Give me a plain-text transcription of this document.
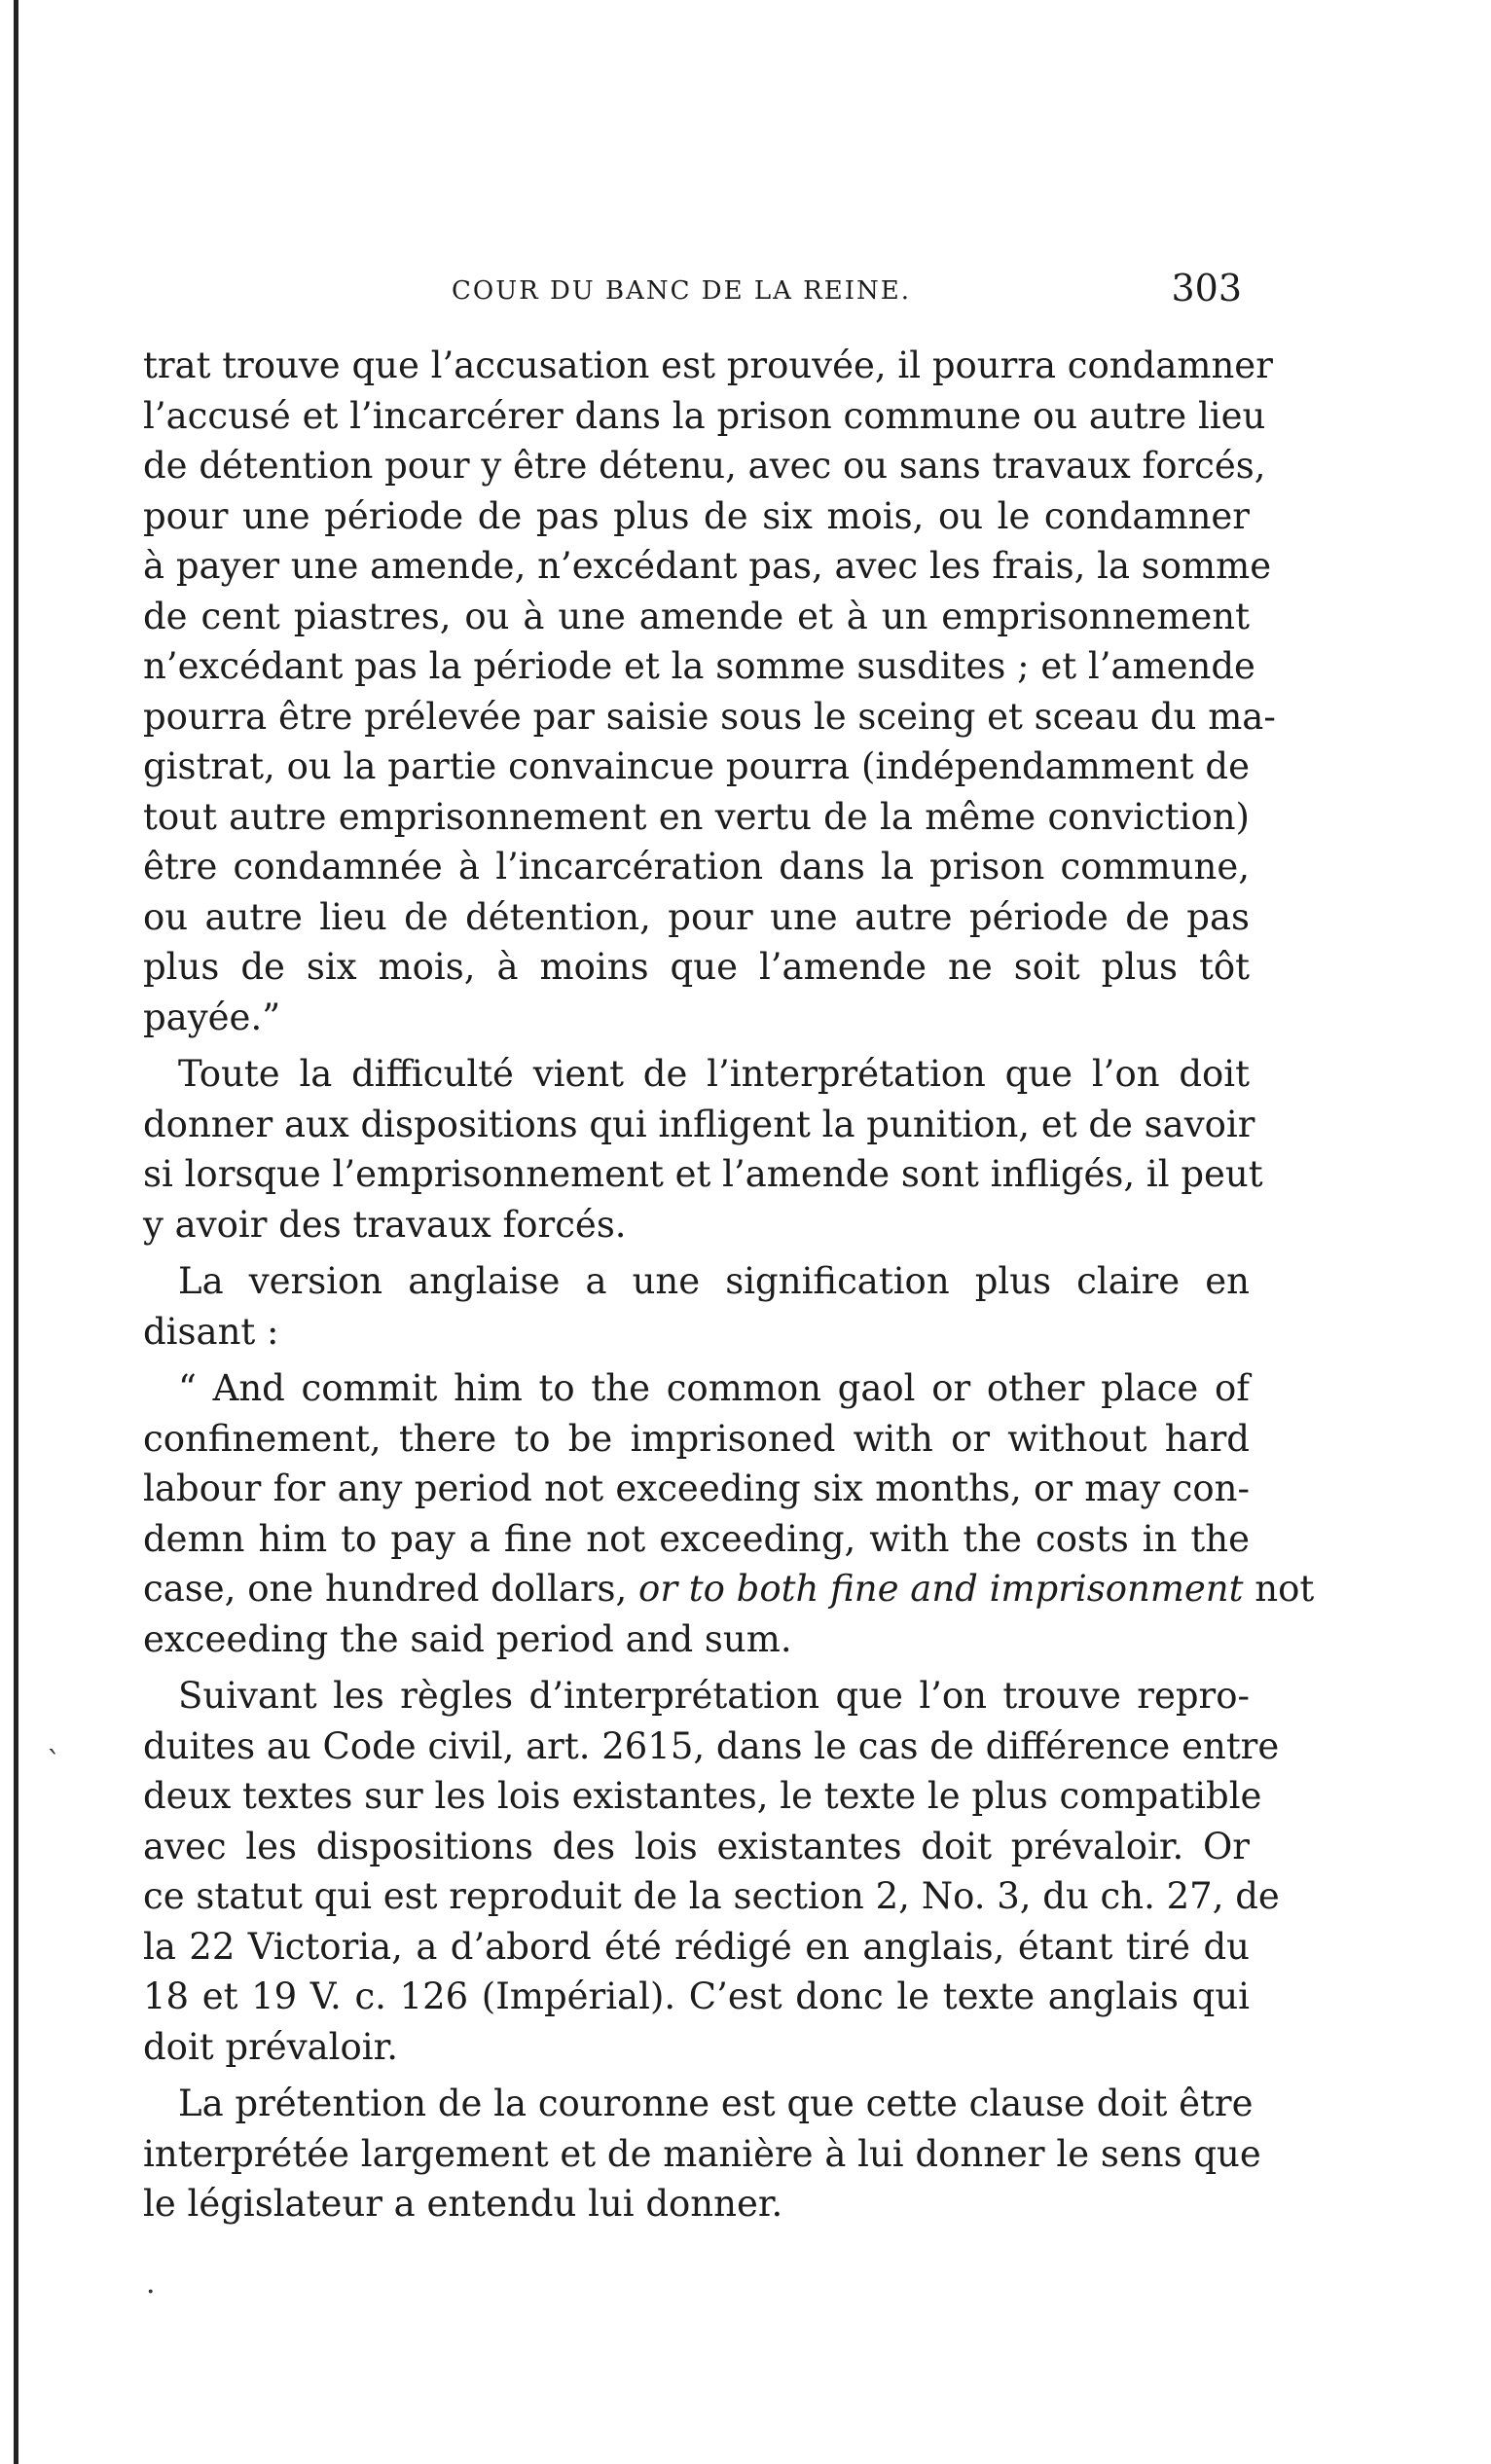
COUR DU BANC DE LA REINE.	303

trat trouve que l’accusation est prouvée, il pourra condamner
l’accusé et l’incarcérer dans la prison commune ou autre lieu
de détention pour y être détenu, avec ou sans travaux forcés,
pour une période de pas plus de six mois, ou le condamner
à payer une amende, n’excédant pas, avec les frais, la somme
de cent piastres, ou à une amende et à un emprisonnement
n’excédant pas la période et la somme susdites ; et l’amende
pourra être prélevée par saisie sous le sceing et sceau du ma-
gistrat, ou la partie convaincue pourra (indépendamment de
tout autre emprisonnement en vertu de la même conviction)
être condamnée à l’incarcération dans la prison commune,
ou autre lieu de détention, pour une autre période de pas
plus de six mois, à moins que l’amende ne soit plus tôt
payée.”

Toute la difficulté vient de l’interprétation que l’on doit
donner aux dispositions qui infligent la punition, et de savoir
si lorsque l’emprisonnement et l’amende sont infligés, il peut
y avoir des travaux forcés.

La version anglaise a une signification plus claire en
disant :

“ And commit him to the common gaol or other place of
confinement, there to be imprisoned with or without hard
labour for any period not exceeding six months, or may con-
demn him to pay a fine not exceeding, with the costs in the
case, one hundred dollars, or to both fine and imprisonment not
exceeding the said period and sum.

Suivant les règles d’interprétation que l’on trouve repro-
duites au Code civil, art. 2615, dans le cas de différence entre
deux textes sur les lois existantes, le texte le plus compatible
avec les dispositions des lois existantes doit prévaloir. Or
ce statut qui est reproduit de la section 2, No. 3, du ch. 27, de
la 22 Victoria, a d’abord été rédigé en anglais, étant tiré du
18 et 19 V. c. 126 (Impérial). C’est donc le texte anglais qui
doit prévaloir.

La prétention de la couronne est que cette clause doit être
interprétée largement et de manière à lui donner le sens que
le législateur a entendu lui donner.

ˋ
·
